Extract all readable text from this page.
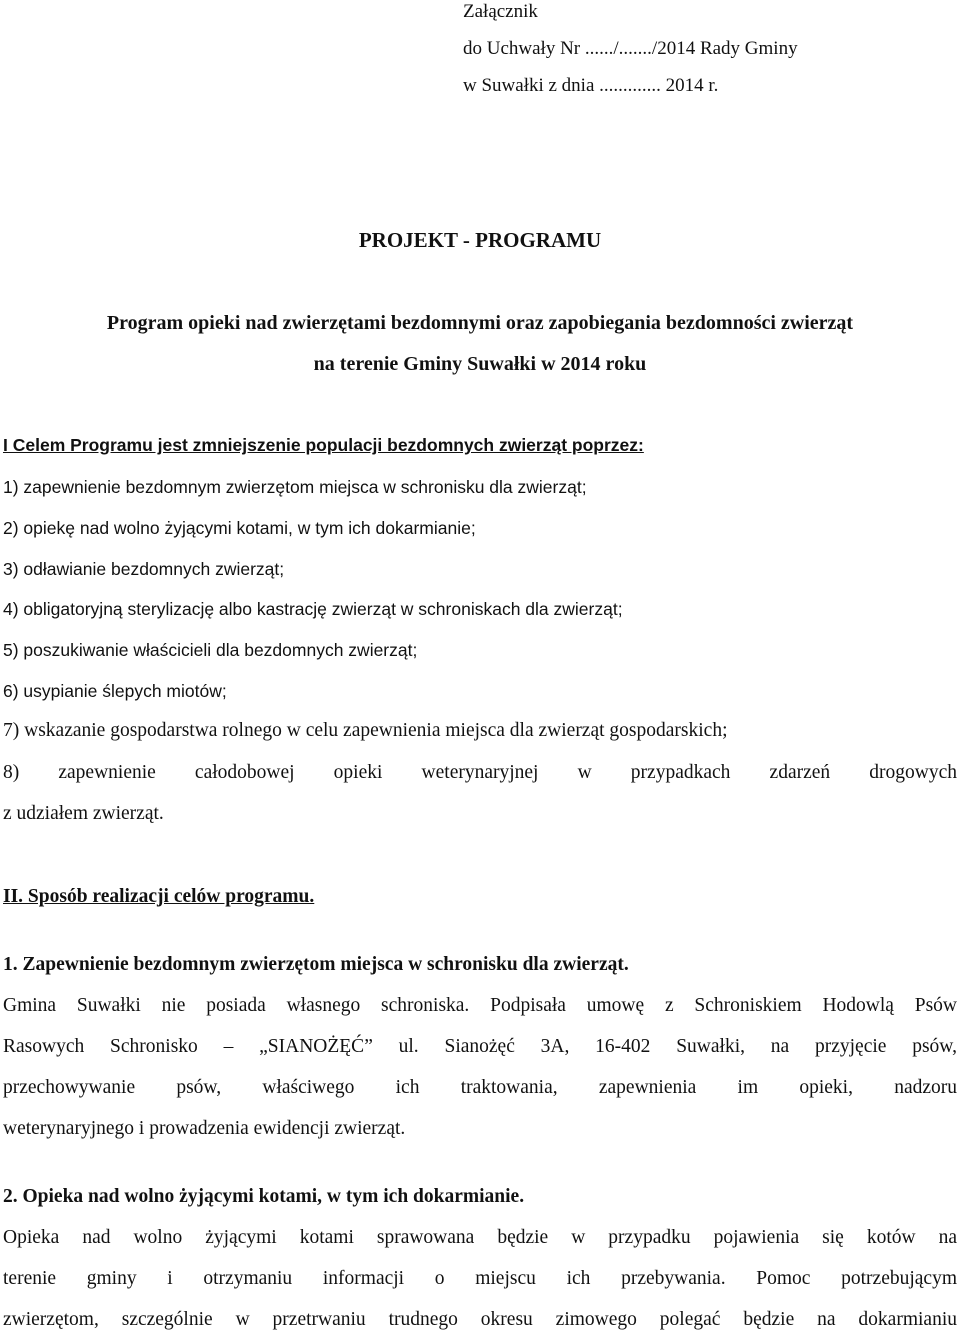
Załącznik
do Uchwały Nr ....../......./2014 Rady Gminy
w Suwałki z dnia ............. 2014 r.
PROJEKT - PROGRAMU
Program opieki nad zwierzętami bezdomnymi oraz zapobiegania bezdomności zwierząt
na terenie Gminy Suwałki w 2014 roku
I Celem Programu jest zmniejszenie populacji bezdomnych zwierząt poprzez:
1) zapewnienie bezdomnym zwierzętom miejsca w schronisku dla zwierząt;
2) opiekę nad wolno żyjącymi kotami, w tym ich dokarmianie;
3) odławianie bezdomnych zwierząt;
4) obligatoryjną sterylizację albo kastrację zwierząt w schroniskach dla zwierząt;
5) poszukiwanie właścicieli dla bezdomnych zwierząt;
6) usypianie ślepych miotów;
7) wskazanie gospodarstwa rolnego w celu zapewnienia miejsca dla zwierząt gospodarskich;
8) zapewnienie całodobowej opieki weterynaryjnej w przypadkach zdarzeń drogowych
z udziałem zwierząt.
II. Sposób realizacji celów programu.
1. Zapewnienie bezdomnym zwierzętom miejsca w schronisku dla zwierząt.
Gmina Suwałki nie posiada własnego schroniska. Podpisała umowę z Schroniskiem Hodowlą Psów
Rasowych Schronisko – „SIANOŻĘĆ” ul. Sianożęć 3A, 16-402 Suwałki, na przyjęcie psów,
przechowywanie psów, właściwego ich traktowania, zapewnienia im opieki, nadzoru
weterynaryjnego i prowadzenia ewidencji zwierząt.
2. Opieka nad wolno żyjącymi kotami, w tym ich dokarmianie.
Opieka nad wolno żyjącymi kotami sprawowana będzie w przypadku pojawienia się kotów na
terenie gminy i otrzymaniu informacji o miejscu ich przebywania. Pomoc potrzebującym
zwierzętom, szczególnie w przetrwaniu trudnego okresu zimowego polegać będzie na dokarmianiu
